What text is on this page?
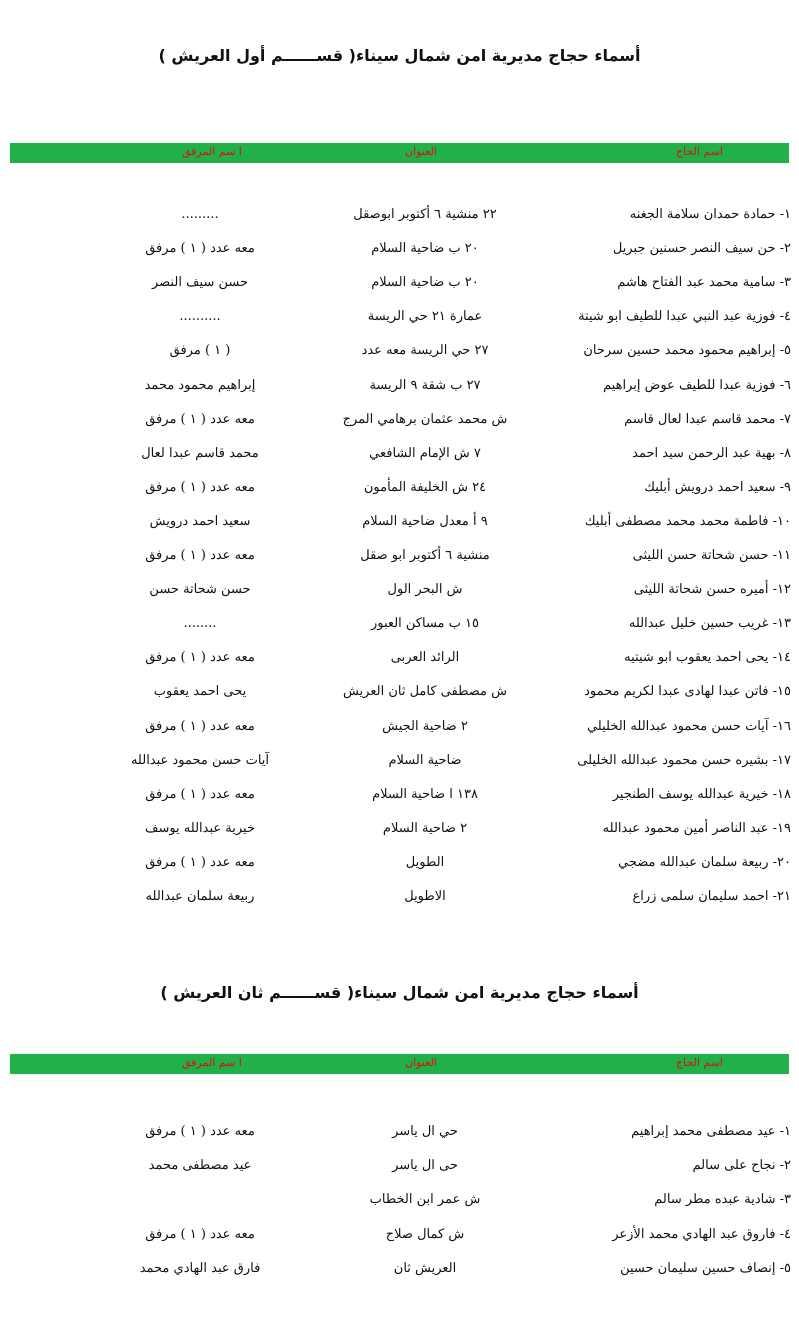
أسماء حجاج مديرية امن شمال سيناء( قســــــم أول العريش )
اسم الحاج
العنوان
ا سم المرفق
١- حمادة حمدان سلامة الجغنه
٢٢ منشية ٦ أكتوبر ابوصقل
.........
٢- حن سيف النصر حسنين جبريل
٢٠ ب ضاحية السلام
معه عدد ( ١ ) مرفق
٣- سامية محمد عبد الفتاح هاشم
٢٠ ب ضاحية السلام
حسن سيف النصر
٤- فوزية عبد النبي عبدا للطيف ابو شيتة
عمارة ٢١ حي الريسة
..........
٥- إبراهيم محمود محمد حسين سرحان
٢٧ حي الريسة معه عدد
( ١ ) مرفق
٦- فوزية عبدا للطيف عوض إبراهيم
٢٧ ب شقة ٩ الريسة
إبراهيم محمود محمد
٧- محمد قاسم عبدا لعال قاسم
ش محمد عثمان برهامي المرج
معه عدد ( ١ ) مرفق
٨- بهية عبد الرحمن سيد احمد
٧ ش الإمام الشافعي
محمد قاسم عبدا لعال
٩- سعيد احمد درويش أبليك
٢٤ ش الخليفة المأمون
معه عدد ( ١ ) مرفق
١٠- فاطمة محمد محمد مصطفى أبليك
٩ أ معدل ضاحية السلام
سعيد احمد درويش
١١- حسن شحاتة حسن الليثى
منشية ٦ أكتوبر ابو صقل
معه عدد ( ١ ) مرفق
١٢- أميره حسن شحاتة الليثى
ش البحر الول
حسن شحاتة حسن
١٣- غريب حسين خليل عبدالله
١٥ ب مساكن العبور
........
١٤- يحى احمد يعقوب ابو شيتيه
الرائد العربى
معه عدد ( ١ ) مرفق
١٥- فاتن عبدا لهادى عبدا لكريم محمود
ش مصطفى كامل ثان العريش
يحى احمد يعقوب
١٦- آيات حسن محمود عبدالله الخليلي
٢ ضاحية الجيش
معه عدد ( ١ ) مرفق
١٧- بشيره حسن محمود عبدالله الخليلى
ضاحية السلام
آيات حسن محمود عبدالله
١٨- خيرية عبدالله يوسف الطنجير
١٣٨ ا ضاحية السلام
معه عدد ( ١ ) مرفق
١٩- عبد الناصر أمين محمود عبدالله
٢ ضاحية السلام
خيرية عبدالله يوسف
٢٠- ربيعة سلمان عبدالله مضجي
الطويل
معه عدد ( ١ ) مرفق
٢١- احمد سليمان سلمى زراع
الاطويل
ربيعة سلمان عبدالله
أسماء حجاج مديرية امن شمال سيناء( قســــــم ثان العريش )
اسم الحاج
العنوان
ا سم المرفق
١- عيد مصطفى محمد إبراهيم
حي ال ياسر
معه عدد ( ١ ) مرفق
٢- نجاح على سالم
حى ال ياسر
عيد مصطفى محمد
٣- شادية عبده مطر سالم
ش عمر ابن الخطاب
٤- فاروق عبد الهادي محمد الأزعر
ش كمال صلاح
معه عدد ( ١ ) مرفق
٥- إنصاف حسين سليمان حسين
العريش ثان
فارق عبد الهادي محمد
